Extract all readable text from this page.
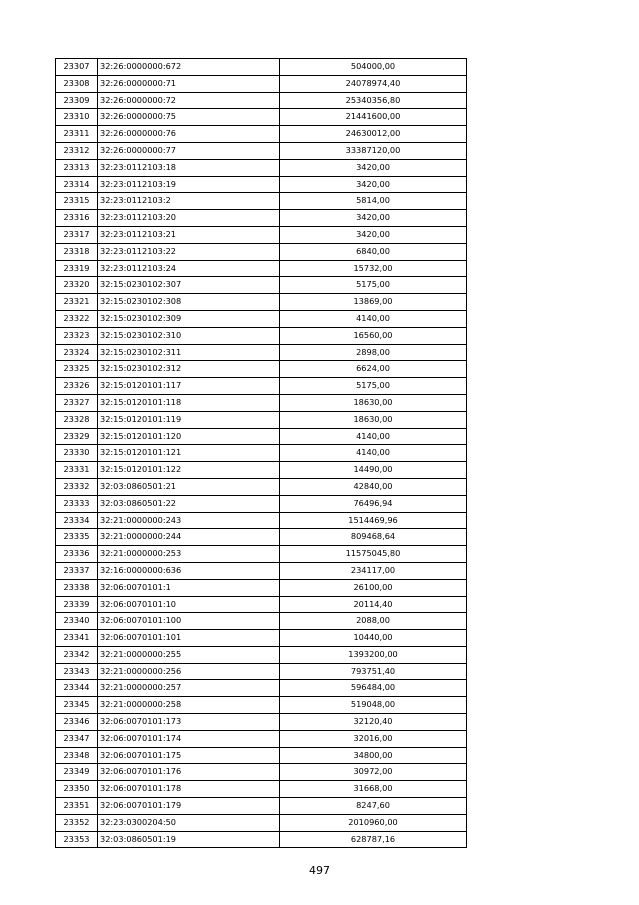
23307	32:26:0000000:672	504000,00
23308	32:26:0000000:71	24078974,40
23309	32:26:0000000:72	25340356,80
23310	32:26:0000000:75	21441600,00
23311	32:26:0000000:76	24630012,00
23312	32:26:0000000:77	33387120,00
23313	32:23:0112103:18	3420,00
23314	32:23:0112103:19	3420,00
23315	32:23:0112103:2	5814,00
23316	32:23:0112103:20	3420,00
23317	32:23:0112103:21	3420,00
23318	32:23:0112103:22	6840,00
23319	32:23:0112103:24	15732,00
23320	32:15:0230102:307	5175,00
23321	32:15:0230102:308	13869,00
23322	32:15:0230102:309	4140,00
23323	32:15:0230102:310	16560,00
23324	32:15:0230102:311	2898,00
23325	32:15:0230102:312	6624,00
23326	32:15:0120101:117	5175,00
23327	32:15:0120101:118	18630,00
23328	32:15:0120101:119	18630,00
23329	32:15:0120101:120	4140,00
23330	32:15:0120101:121	4140,00
23331	32:15:0120101:122	14490,00
23332	32:03:0860501:21	42840,00
23333	32:03:0860501:22	76496,94
23334	32:21:0000000:243	1514469,96
23335	32:21:0000000:244	809468,64
23336	32:21:0000000:253	11575045,80
23337	32:16:0000000:636	234117,00
23338	32:06:0070101:1	26100,00
23339	32:06:0070101:10	20114,40
23340	32:06:0070101:100	2088,00
23341	32:06:0070101:101	10440,00
23342	32:21:0000000:255	1393200,00
23343	32:21:0000000:256	793751,40
23344	32:21:0000000:257	596484,00
23345	32:21:0000000:258	519048,00
23346	32:06:0070101:173	32120,40
23347	32:06:0070101:174	32016,00
23348	32:06:0070101:175	34800,00
23349	32:06:0070101:176	30972,00
23350	32:06:0070101:178	31668,00
23351	32:06:0070101:179	8247,60
23352	32:23:0300204:50	2010960,00
23353	32:03:0860501:19	628787,16
497
